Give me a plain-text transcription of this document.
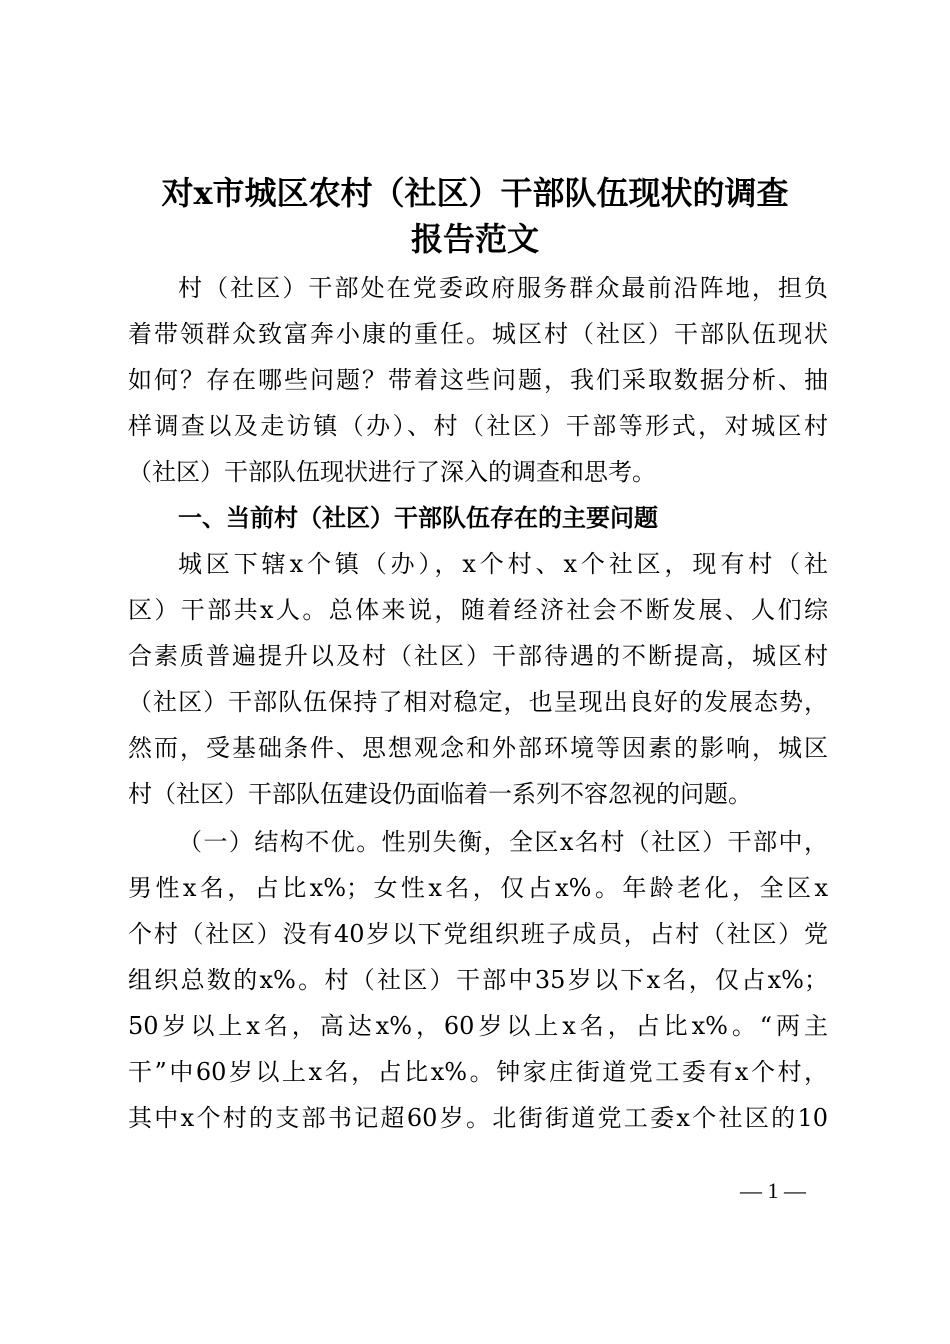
对x市城区农村（社区）干部队伍现状的调查
报告范文
村（社区）干部处在党委政府服务群众最前沿阵地，担负
着带领群众致富奔小康的重任。城区村（社区）干部队伍现状
如何？存在哪些问题？带着这些问题，我们采取数据分析、抽
样调查以及走访镇（办）、村（社区）干部等形式，对城区村
（社区）干部队伍现状进行了深入的调查和思考。
一、当前村（社区）干部队伍存在的主要问题
城区下辖x个镇（办），x个村、x个社区，现有村（社
区）干部共x人。总体来说，随着经济社会不断发展、人们综
合素质普遍提升以及村（社区）干部待遇的不断提高，城区村
（社区）干部队伍保持了相对稳定，也呈现出良好的发展态势，
然而，受基础条件、思想观念和外部环境等因素的影响，城区
村（社区）干部队伍建设仍面临着一系列不容忽视的问题。
（一）结构不优。性别失衡，全区x名村（社区）干部中，
男性x名，占比x%；女性x名，仅占x%。年龄老化，全区x
个村（社区）没有40岁以下党组织班子成员，占村（社区）党
组织总数的x%。村（社区）干部中35岁以下x名，仅占x%；
50岁以上x名，高达x%，60岁以上x名，占比x%。“两主
干”中60岁以上x名，占比x%。钟家庄街道党工委有x个村，
其中x个村的支部书记超60岁。北街街道党工委x个社区的10
— 1 —
